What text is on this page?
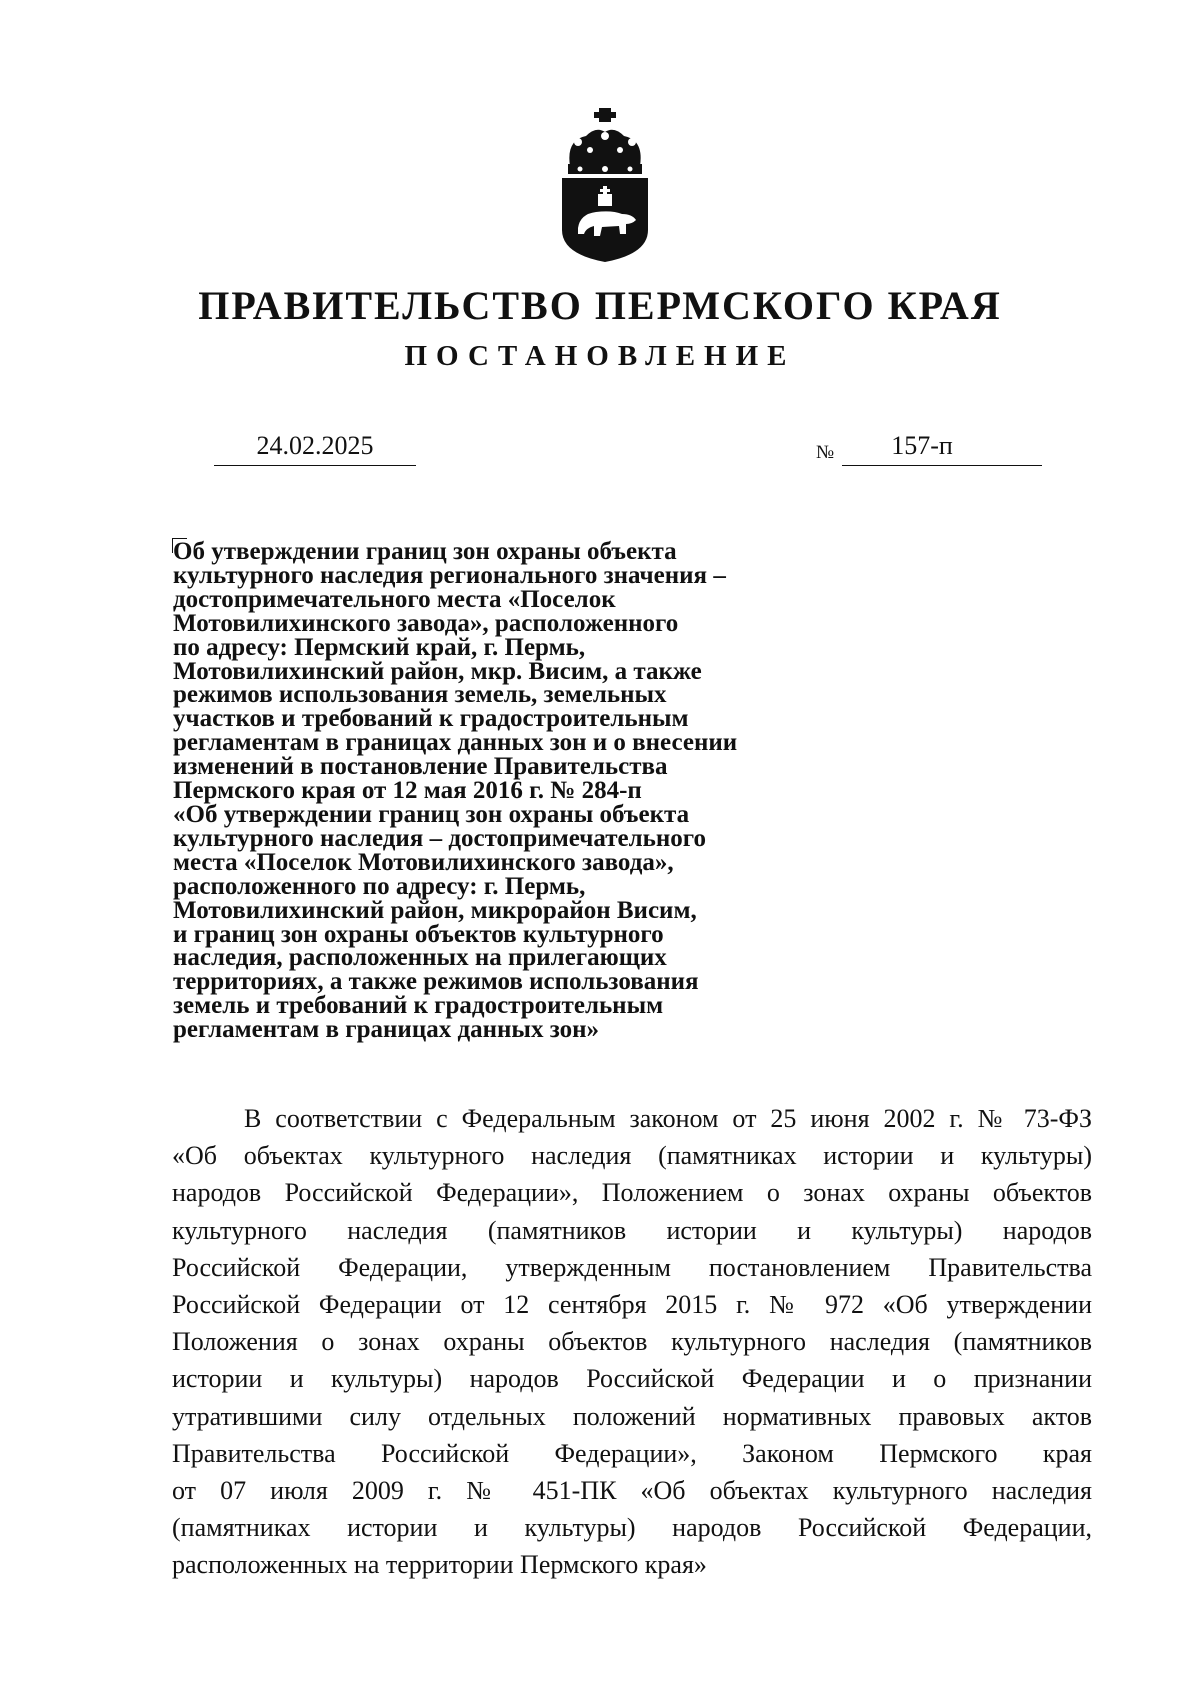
ПРАВИТЕЛЬСТВО ПЕРМСКОГО КРАЯ
ПОСТАНОВЛЕНИЕ
24.02.2025	№	157-п
Об утверждении границ зон охраны объекта
культурного наследия регионального значения –
достопримечательного места «Поселок
Мотовилихинского завода», расположенного
по адресу: Пермский край, г. Пермь,
Мотовилихинский район, мкр. Висим, а также
режимов использования земель, земельных
участков и требований к градостроительным
регламентам в границах данных зон и о внесении
изменений в постановление Правительства
Пермского края от 12 мая 2016 г. № 284-п
«Об утверждении границ зон охраны объекта
культурного наследия – достопримечательного
места «Поселок Мотовилихинского завода»,
расположенного по адресу: г. Пермь,
Мотовилихинский район, микрорайон Висим,
и границ зон охраны объектов культурного
наследия, расположенных на прилегающих
территориях, а также режимов использования
земель и требований к градостроительным
регламентам в границах данных зон»
В соответствии с Федеральным законом от 25 июня 2002 г. № 73-ФЗ
«Об объектах культурного наследия (памятниках истории и культуры)
народов Российской Федерации», Положением о зонах охраны объектов
культурного наследия (памятников истории и культуры) народов
Российской Федерации, утвержденным постановлением Правительства
Российской Федерации от 12 сентября 2015 г. № 972 «Об утверждении
Положения о зонах охраны объектов культурного наследия (памятников
истории и культуры) народов Российской Федерации и о признании
утратившими силу отдельных положений нормативных правовых актов
Правительства Российской Федерации», Законом Пермского края
от 07 июля 2009 г. № 451-ПК «Об объектах культурного наследия
(памятниках истории и культуры) народов Российской Федерации,
расположенных на территории Пермского края»
